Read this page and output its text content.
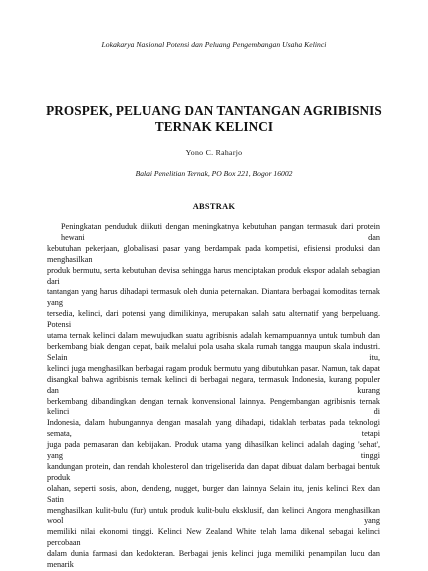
Lokakarya Nasional Potensi dan Peluang Pengembangan Usaha Kelinci
PROSPEK, PELUANG DAN TANTANGAN AGRIBISNIS
TERNAK KELINCI
Yono C. Raharjo
Balai Penelitian Ternak, PO Box 221, Bogor 16002
ABSTRAK
Peningkatan penduduk diikuti dengan meningkatnya kebutuhan pangan termasuk dari protein hewani dan
kebutuhan pekerjaan, globalisasi pasar yang berdampak pada kompetisi, efisiensi produksi dan menghasilkan
produk bermutu, serta kebutuhan devisa sehingga harus menciptakan produk ekspor adalah sebagian dari
tantangan yang harus dihadapi termasuk oleh dunia peternakan. Diantara berbagai komoditas ternak yang
tersedia, kelinci, dari potensi yang dimilikinya, merupakan salah satu alternatif yang berpeluang. Potensi
utama ternak kelinci dalam mewujudkan suatu agribisnis adalah kemampuannya untuk tumbuh dan
berkembang biak dengan cepat, baik melalui pola usaha skala rumah tangga maupun skala industri. Selain itu,
kelinci juga menghasilkan berbagai ragam produk bermutu yang dibutuhkan pasar. Namun, tak dapat
disangkal bahwa agribisnis ternak kelinci di berbagai negara, termasuk Indonesia, kurang populer dan kurang
berkembang dibandingkan dengan ternak konvensional lainnya. Pengembangan agribisnis ternak kelinci di
Indonesia, dalam hubungannya dengan masalah yang dihadapi, tidaklah terbatas pada teknologi semata, tetapi
juga pada pemasaran dan kebijakan. Produk utama yang dihasilkan kelinci adalah daging 'sehat', yang tinggi
kandungan protein, dan rendah kholesterol dan trigeliserida dan dapat dibuat dalam berbagai bentuk produk
olahan, seperti sosis, abon, dendeng, nugget, burger dan lainnya Selain itu, jenis kelinci Rex dan Satin
menghasilkan kulit-bulu (fur) untuk produk kulit-bulu eksklusif, dan kelinci Angora menghasilkan wool yang
memiliki nilai ekonomi tinggi. Kelinci New Zealand White telah lama dikenal sebagai kelinci percobaan
dalam dunia farmasi dan kedokteran. Berbagai jenis kelinci juga memiliki penampilan lucu dan menarik
